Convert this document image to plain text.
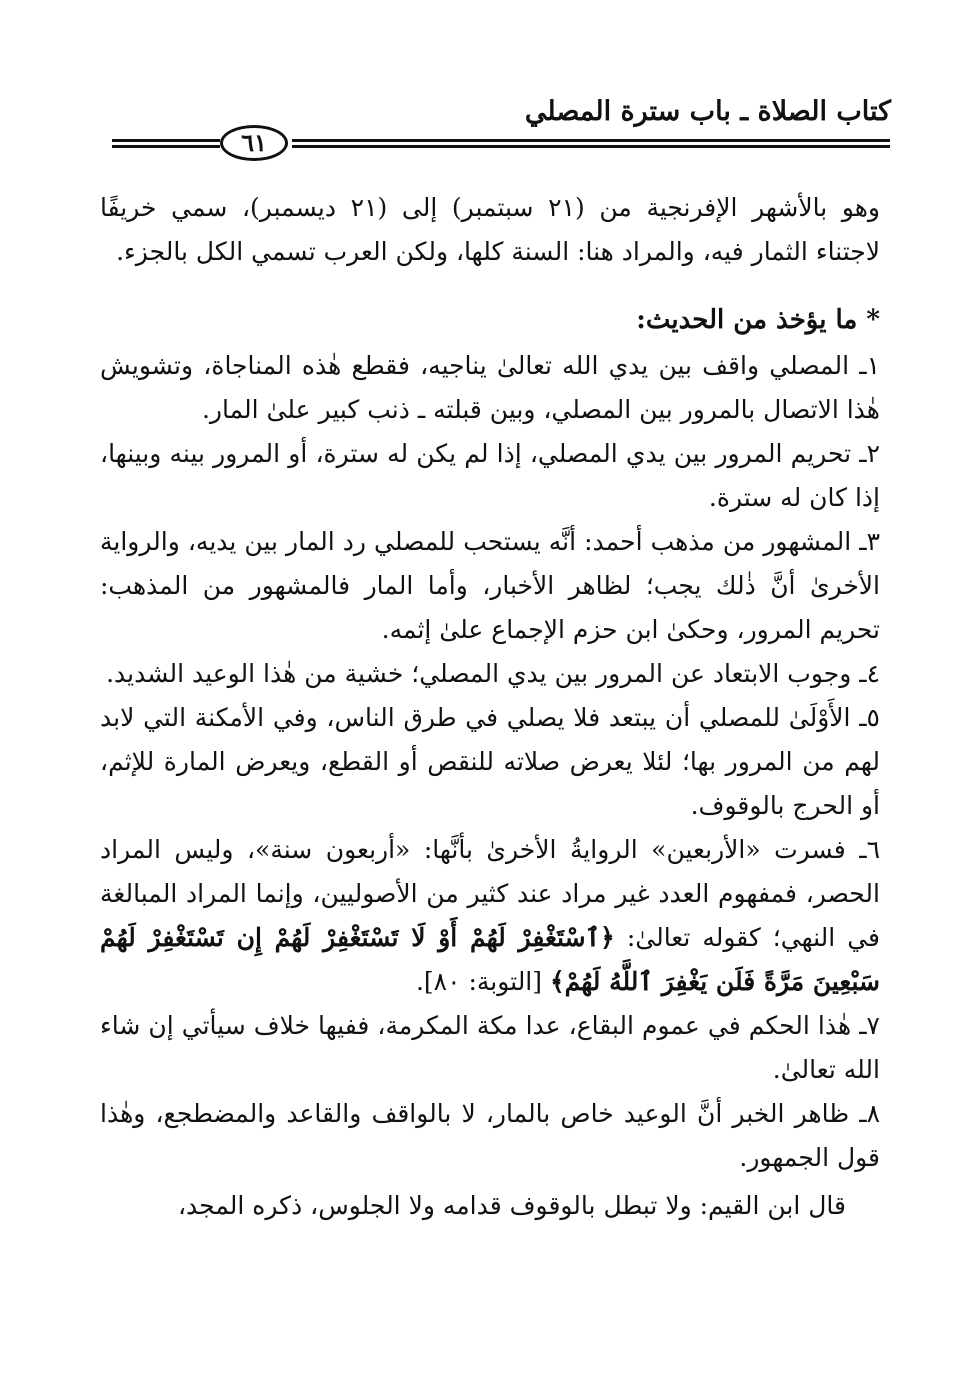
كتاب الصلاة ـ باب سترة المصلي
٦١

وهو بالأشهر الإفرنجية من (٢١ سبتمبر) إلى (٢١ ديسمبر)، سمي خريفًا لاجتناء الثمار فيه، والمراد هنا: السنة كلها، ولكن العرب تسمي الكل بالجزء.

* ما يؤخذ من الحديث:

١ـ المصلي واقف بين يدي الله تعالىٰ يناجيه، فقطع هٰذه المناجاة، وتشويش هٰذا الاتصال بالمرور بين المصلي، وبين قبلته ـ ذنب كبير علىٰ المار.

٢ـ تحريم المرور بين يدي المصلي، إذا لم يكن له سترة، أو المرور بينه وبينها، إذا كان له سترة.

٣ـ المشهور من مذهب أحمد: أنَّه يستحب للمصلي رد المار بين يديه، والرواية الأخرىٰ أنَّ ذٰلك يجب؛ لظاهر الأخبار، وأما المار فالمشهور من المذهب: تحريم المرور، وحكىٰ ابن حزم الإجماع علىٰ إثمه.

٤ـ وجوب الابتعاد عن المرور بين يدي المصلي؛ خشية من هٰذا الوعيد الشديد.

٥ـ الأَوْلَىٰ للمصلي أن يبتعد فلا يصلي في طرق الناس، وفي الأمكنة التي لابد لهم من المرور بها؛ لئلا يعرض صلاته للنقص أو القطع، ويعرض المارة للإثم، أو الحرج بالوقوف.

٦ـ فسرت «الأربعين» الروايةُ الأخرىٰ بأنَّها: «أربعون سنة»، وليس المراد الحصر، فمفهوم العدد غير مراد عند كثير من الأصوليين، وإنما المراد المبالغة في النهي؛ كقوله تعالىٰ: ﴿ٱسْتَغْفِرْ لَهُمْ أَوْ لَا تَسْتَغْفِرْ لَهُمْ إِن تَسْتَغْفِرْ لَهُمْ سَبْعِينَ مَرَّةً فَلَن يَغْفِرَ ٱللَّهُ لَهُمْ﴾ [التوبة: ٨٠].

٧ـ هٰذا الحكم في عموم البقاع، عدا مكة المكرمة، ففيها خلاف سيأتي إن شاء الله تعالىٰ.

٨ـ ظاهر الخبر أنَّ الوعيد خاص بالمار، لا بالواقف والقاعد والمضطجع، وهٰذا قول الجمهور.

قال ابن القيم: ولا تبطل بالوقوف قدامه ولا الجلوس، ذكره المجد،
